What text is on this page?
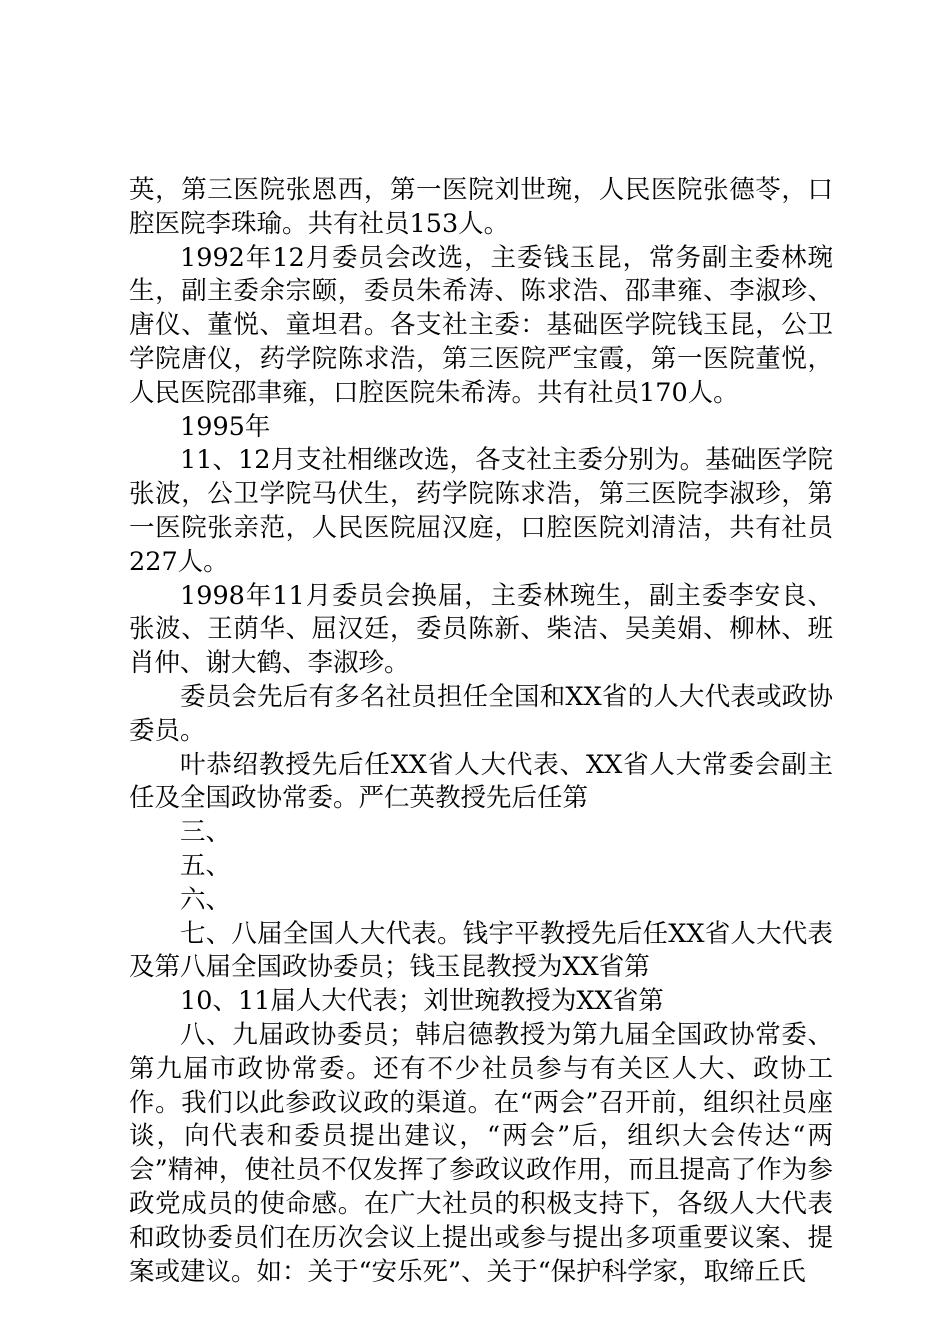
英，第三医院张恩西，第一医院刘世琬，人民医院张德苓，口腔医院李珠瑜。共有社员153人。

1992年12月委员会改选，主委钱玉昆，常务副主委林琬生，副主委余宗颐，委员朱希涛、陈求浩、邵聿雍、李淑珍、唐仪、董悦、童坦君。各支社主委：基础医学院钱玉昆，公卫学院唐仪，药学院陈求浩，第三医院严宝霞，第一医院董悦，人民医院邵聿雍，口腔医院朱希涛。共有社员170人。

1995年

11、12月支社相继改选，各支社主委分别为。基础医学院张波，公卫学院马伏生，药学院陈求浩，第三医院李淑珍，第一医院张亲范，人民医院屈汉庭，口腔医院刘清洁，共有社员227人。

1998年11月委员会换届，主委林琬生，副主委李安良、张波、王荫华、屈汉廷，委员陈新、柴洁、吴美娟、柳林、班肖仲、谢大鹤、李淑珍。

委员会先后有多名社员担任全国和XX省的人大代表或政协委员。

叶恭绍教授先后任XX省人大代表、XX省人大常委会副主任及全国政协常委。严仁英教授先后任第

三、

五、

六、

七、八届全国人大代表。钱宇平教授先后任XX省人大代表及第八届全国政协委员；钱玉昆教授为XX省第

10、11届人大代表；刘世琬教授为XX省第

八、九届政协委员；韩启德教授为第九届全国政协常委、第九届市政协常委。还有不少社员参与有关区人大、政协工作。我们以此参政议政的渠道。在“两会”召开前，组织社员座谈，向代表和委员提出建议，“两会”后，组织大会传达“两会”精神，使社员不仅发挥了参政议政作用，而且提高了作为参政党成员的使命感。在广大社员的积极支持下，各级人大代表和政协委员们在历次会议上提出或参与提出多项重要议案、提案或建议。如：关于“安乐死”、关于“保护科学家，取缔丘氏
